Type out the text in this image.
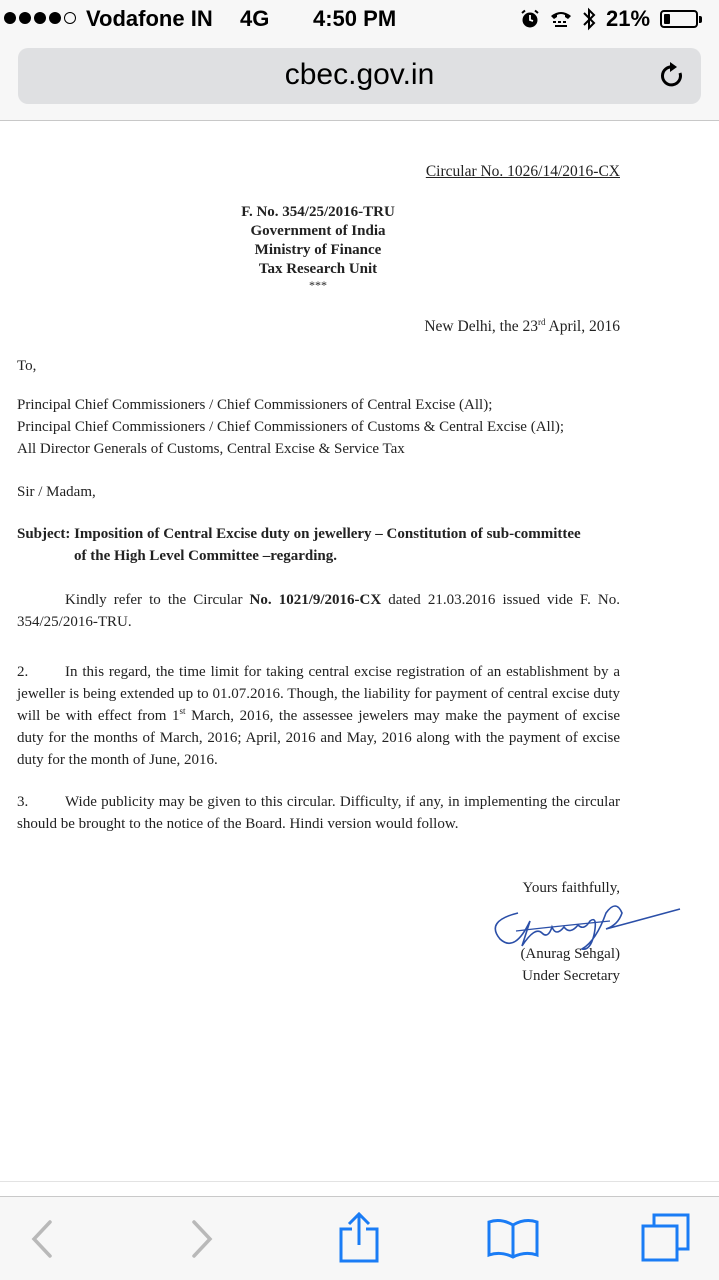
Vodafone IN 4G 4:50 PM	21%
cbec.gov.in
Circular No. 1026/14/2016-CX
F. No. 354/25/2016-TRU
Government of India
Ministry of Finance
Tax Research Unit
***
New Delhi, the 23rd April, 2016
To,
Principal Chief Commissioners / Chief Commissioners of Central Excise (All);
Principal Chief Commissioners / Chief Commissioners of Customs & Central Excise (All);
All Director Generals of Customs, Central Excise & Service Tax
Sir / Madam,
Subject: Imposition of Central Excise duty on jewellery – Constitution of sub-committee
of the High Level Committee –regarding.
Kindly refer to the Circular No. 1021/9/2016-CX dated 21.03.2016 issued vide F. No. 354/25/2016-TRU.
2. In this regard, the time limit for taking central excise registration of an establishment by a jeweller is being extended up to 01.07.2016. Though, the liability for payment of central excise duty will be with effect from 1st March, 2016, the assessee jewelers may make the payment of excise duty for the months of March, 2016; April, 2016 and May, 2016 along with the payment of excise duty for the month of June, 2016.
3. Wide publicity may be given to this circular. Difficulty, if any, in implementing the circular should be brought to the notice of the Board. Hindi version would follow.
Yours faithfully,
(Anurag Sehgal)
Under Secretary
